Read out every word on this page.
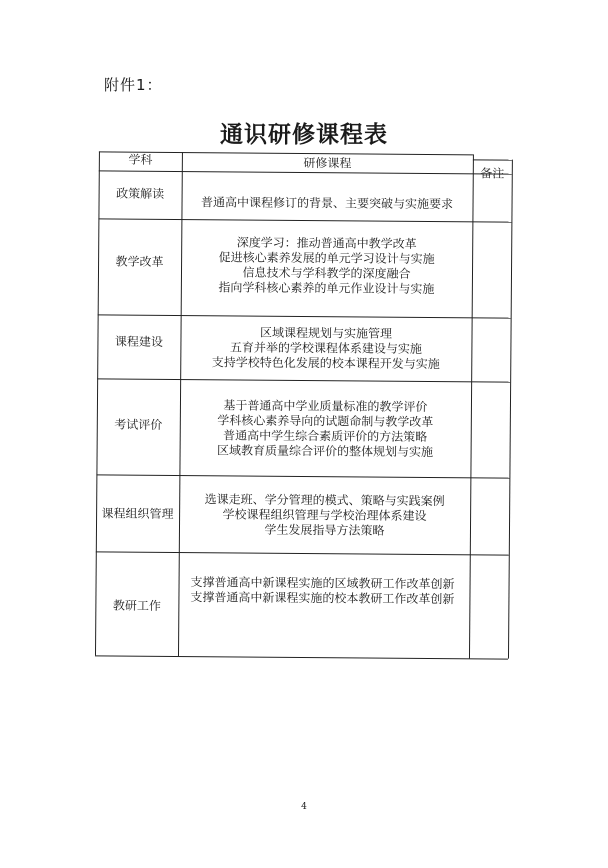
附件1：
通识研修课程表
学科	研修课程
备注
政策解读
普通高中课程修订的背景、主要突破与实施要求
教学改革
深度学习：推动普通高中教学改革
促进核心素养发展的单元学习设计与实施
信息技术与学科教学的深度融合
指向学科核心素养的单元作业设计与实施
课程建设
区域课程规划与实施管理
五育并举的学校课程体系建设与实施
支持学校特色化发展的校本课程开发与实施
考试评价
基于普通高中学业质量标准的教学评价
学科核心素养导向的试题命制与教学改革
普通高中学生综合素质评价的方法策略
区域教育质量综合评价的整体规划与实施
课程组织管理
选课走班、学分管理的模式、策略与实践案例
学校课程组织管理与学校治理体系建设
学生发展指导方法策略
教研工作
支撑普通高中新课程实施的区域教研工作改革创新
支撑普通高中新课程实施的校本教研工作改革创新
4
